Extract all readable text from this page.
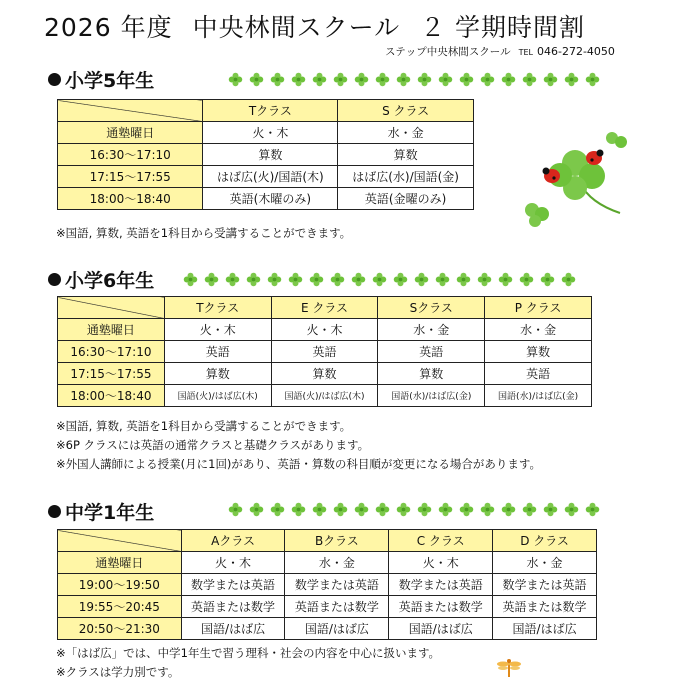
2026 年度 中央林間スクール ２ 学期時間割
ステップ中央林間スクール TEL 046-272-4050
小学5年生
	Tクラス	S クラス
通塾曜日	火・木	水・金
16:30～17:10	算数	算数
17:15～17:55	はば広(火)/国語(木)	はば広(水)/国語(金)
18:00～18:40	英語(木曜のみ)	英語(金曜のみ)
※国語, 算数, 英語を1科目から受講することができます。
小学6年生
	Tクラス	E クラス	Sクラス	P クラス
通塾曜日	火・木	火・木	水・金	水・金
16:30～17:10	英語	英語	英語	算数
17:15～17:55	算数	算数	算数	英語
18:00～18:40	国語(火)/はば広(木)	国語(火)/はば広(木)	国語(水)/はば広(金)	国語(水)/はば広(金)
※国語, 算数, 英語を1科目から受講することができます。
※6P クラスには英語の通常クラスと基礎クラスがあります。
※外国人講師による授業(月に1回)があり、英語・算数の科目順が変更になる場合があります。
中学1年生
	Aクラス	Bクラス	C クラス	D クラス
通塾曜日	火・木	水・金	火・木	水・金
19:00～19:50	数学または英語	数学または英語	数学または英語	数学または英語
19:55～20:45	英語または数学	英語または数学	英語または数学	英語または数学
20:50～21:30	国語/はば広	国語/はば広	国語/はば広	国語/はば広
※「はば広」では、中学1年生で習う理科・社会の内容を中心に扱います。
※クラスは学力別です。
